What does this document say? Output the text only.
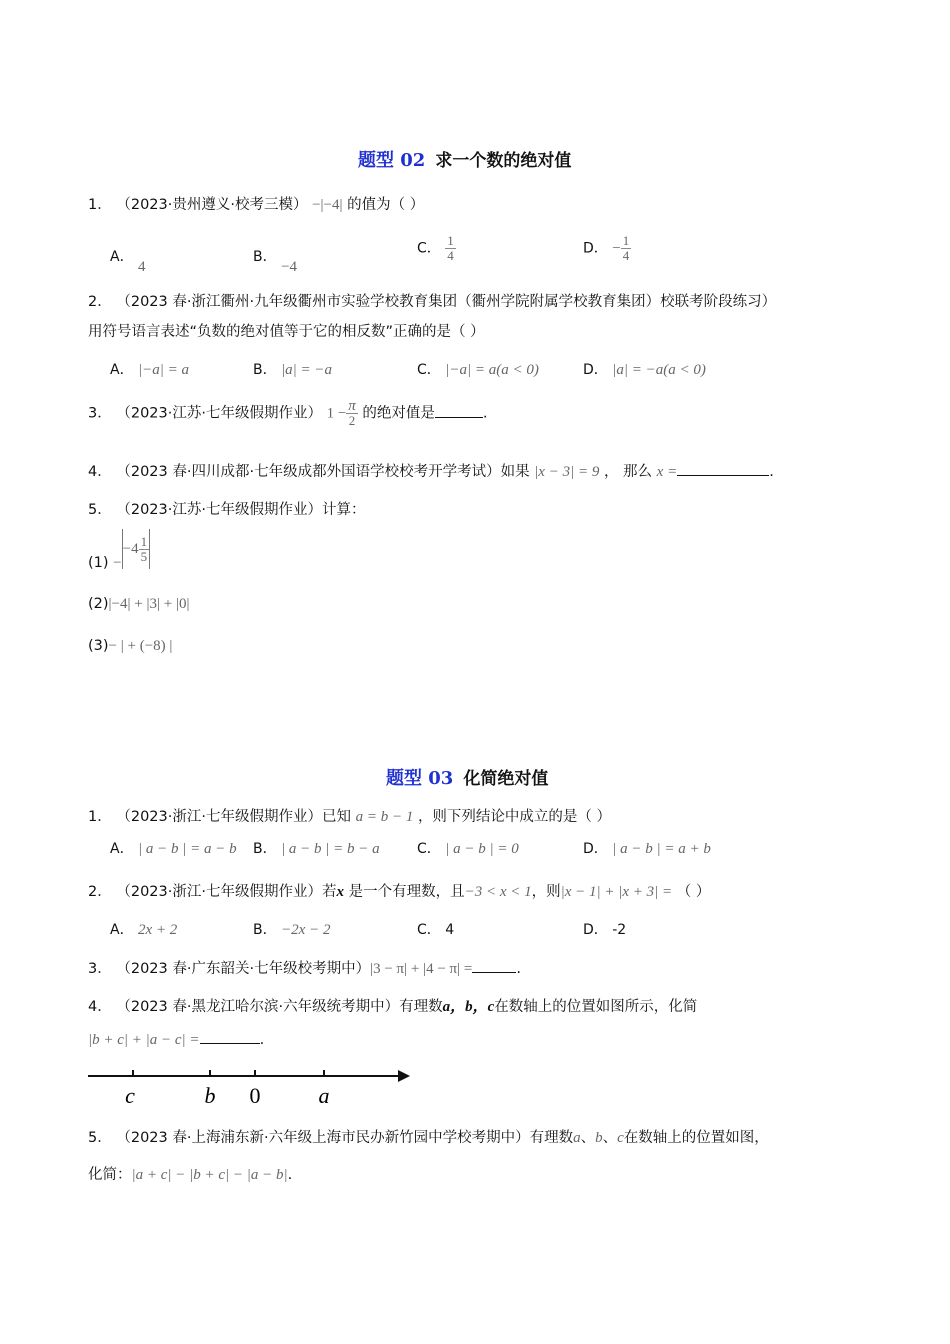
题型 02 求一个数的绝对值
1． （2023·贵州遵义·校考三模） −|−4| 的值为（ ）
A． 4
B． −4
C． $\frac{1}{4}$	D． − $\frac{1}{4}$
2． （2023 春·浙江衢州·九年级衢州市实验学校教育集团（衢州学院附属学校教育集团）校联考阶段练习）
用符号语言表述“负数的绝对值等于它的相反数”正确的是（ ）
A． |−a| = a	B． |a| = −a	C． |−a| = a(a < 0)	D． |a| = −a(a < 0)
3． （2023·江苏·七年级假期作业） $1 - \frac{\pi}{2}$ 的绝对值是	.
4． （2023 春·四川成都·七年级成都外国语学校校考开学考试）如果 |x − 3| = 9 ， 那么 x =	.
5． （2023·江苏·七年级假期作业）计算：
$(1) --4 \frac{1}{5}$
(2)|−4| + |3| + |0|
(3)− | + (−8) |
题型 03 化简绝对值
1． （2023·浙江·七年级假期作业）已知 a = b − 1 ，则下列结论中成立的是（ ）
A． | a − b | = a − b B． | a − b | = b − a	C． | a − b | = 0	D． | a − b | = a + b
2． （2023·浙江·七年级假期作业）若x 是一个有理数，且−3 < x < 1，则|x − 1| + |x + 3| = （ ）
A． 2x + 2	B． −2x − 2	C． 4	D． -2
3． （2023 春·广东韶关·七年级校考期中）|3 − π| + |4 − π| =	.
4． （2023 春·黑龙江哈尔滨·六年级统考期中）有理数a，b，c在数轴上的位置如图所示，化简
|b + c| + |a − c| =	.
c	b 0	a
5． （2023 春·上海浦东新·六年级上海市民办新竹园中学校考期中）有理数a、b、c在数轴上的位置如图，
化简：|a + c| − |b + c| − |a − b|.
